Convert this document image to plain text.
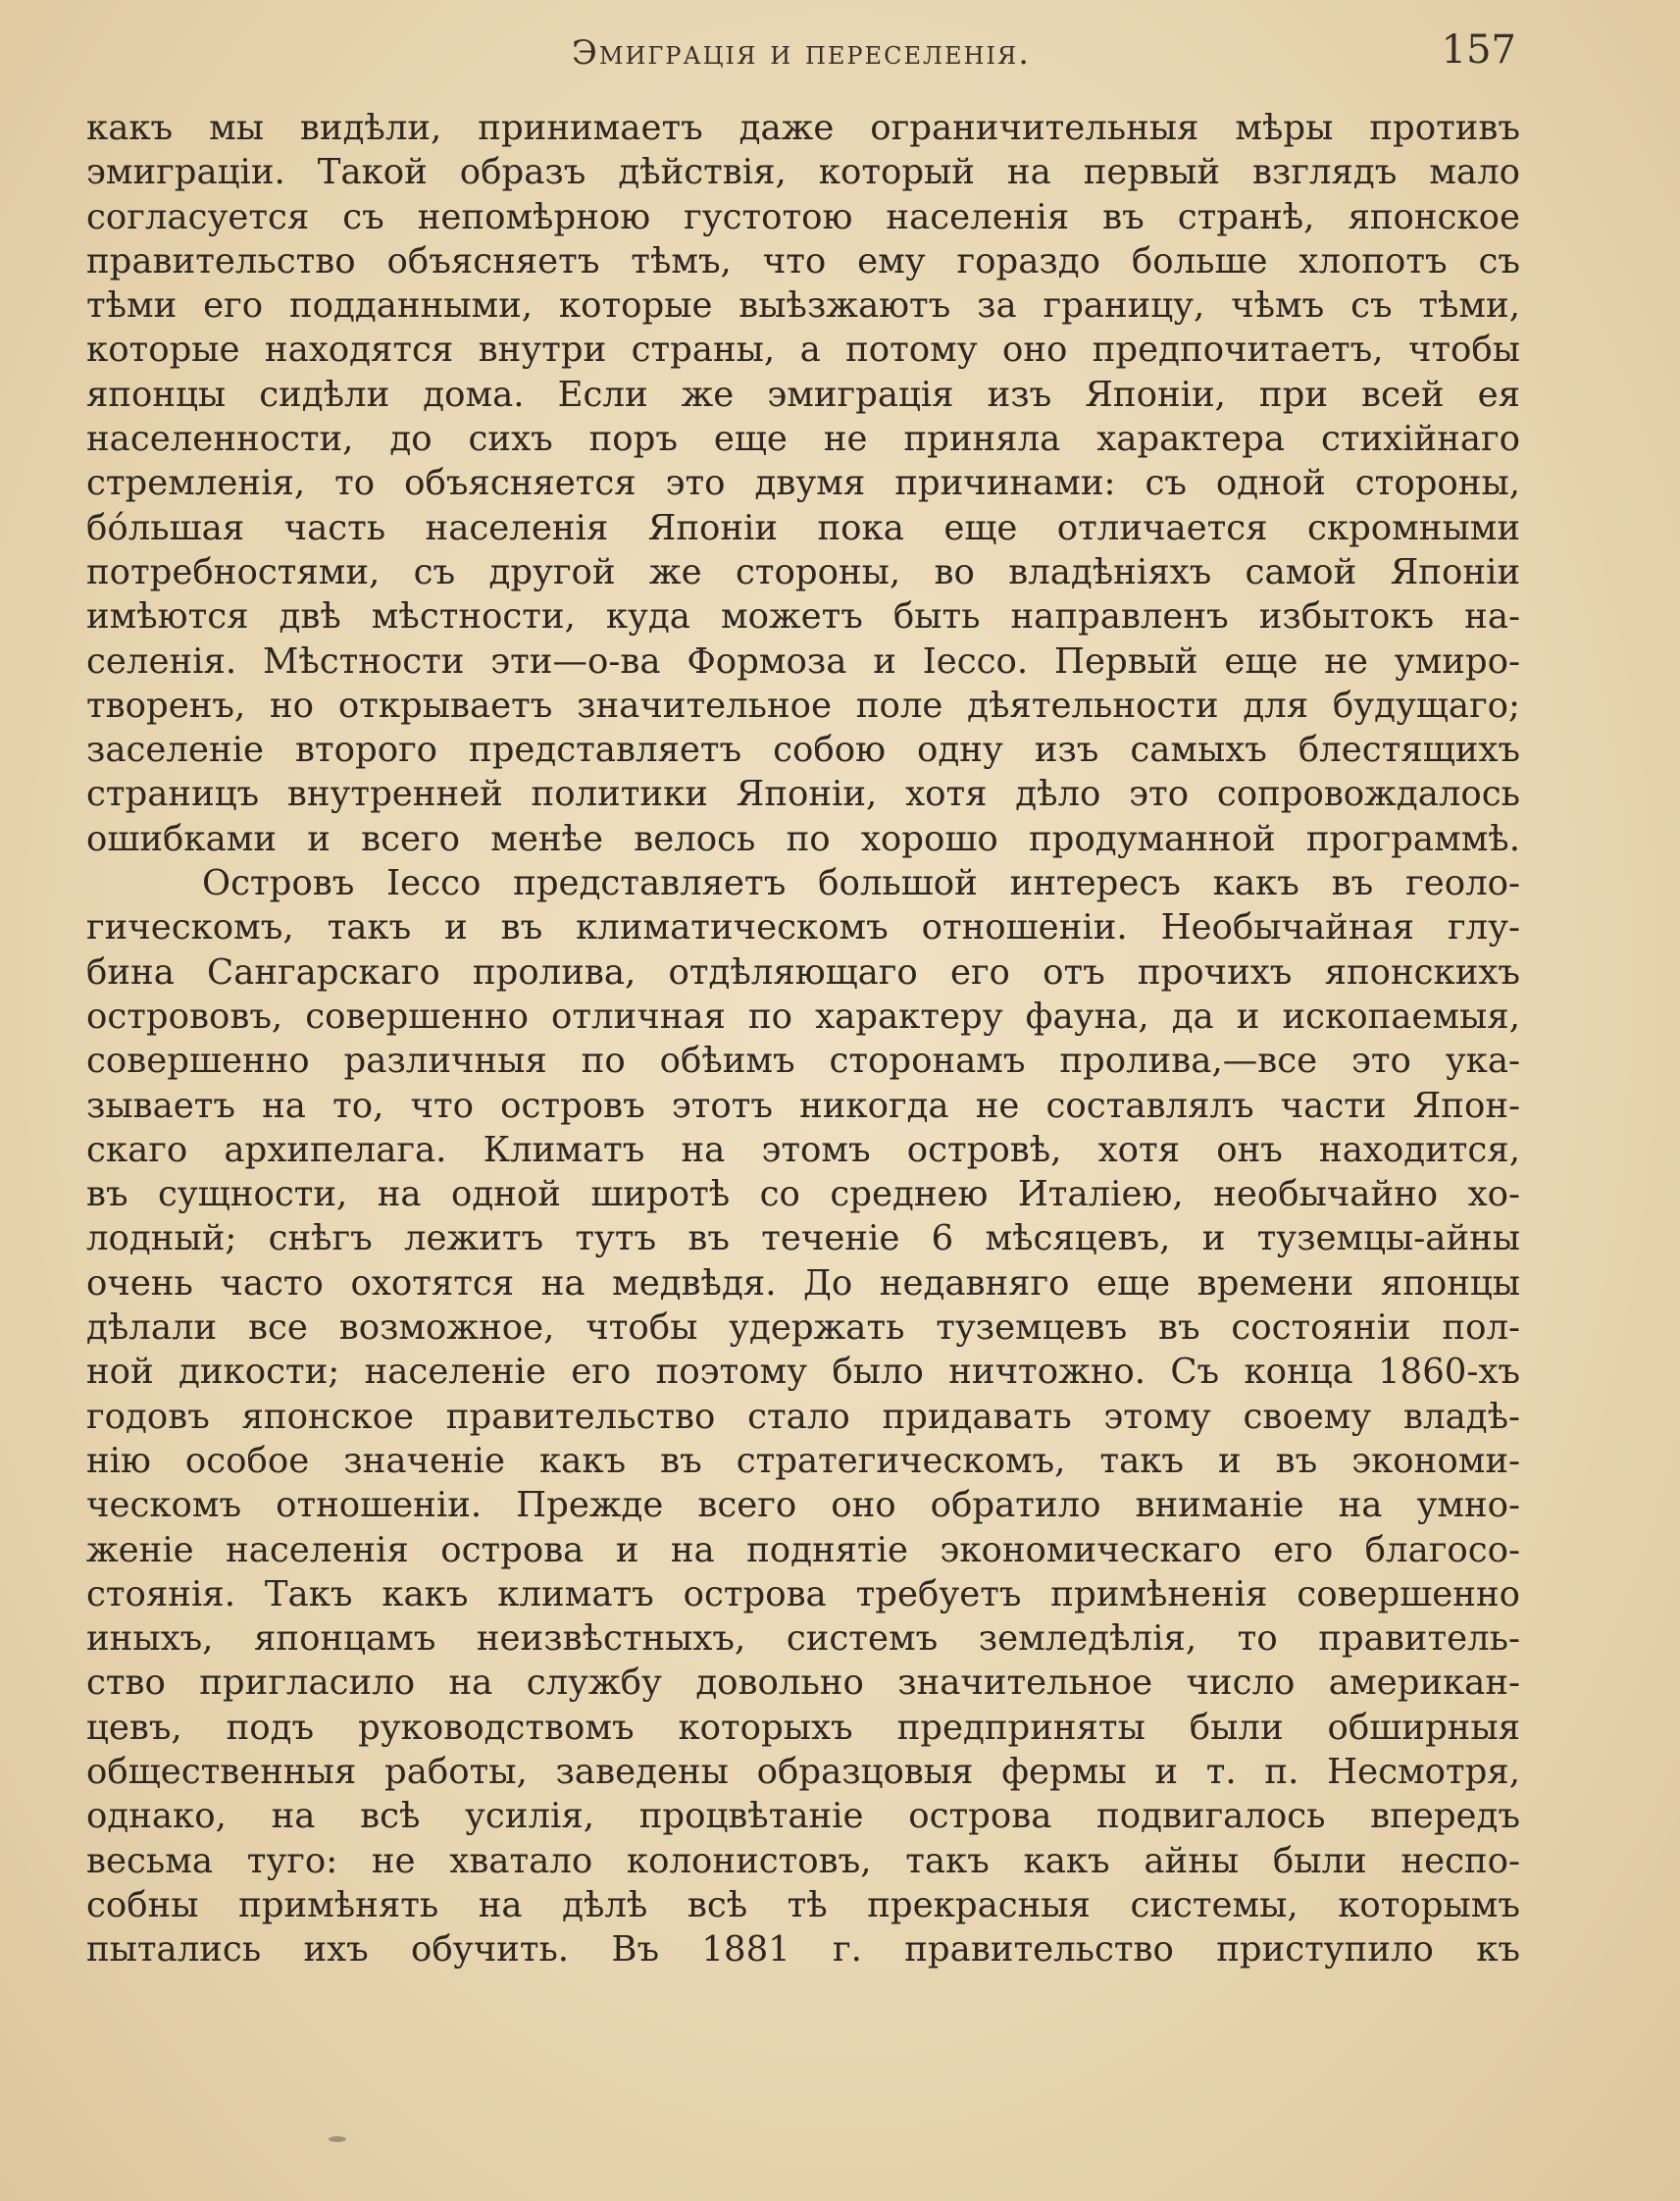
Эмиграція и переселенія.	157
какъ мы видѣли, принимаетъ даже ограничительныя мѣры противъ
эмиграціи. Такой образъ дѣйствія, который на первый взглядъ мало
согласуется съ непомѣрною густотою населенія въ странѣ, японское
правительство объясняетъ тѣмъ, что ему гораздо больше хлопотъ съ
тѣми его подданными, которые выѣзжаютъ за границу, чѣмъ съ тѣми,
которые находятся внутри страны, а потому оно предпочитаетъ, чтобы
японцы сидѣли дома. Если же эмиграція изъ Японіи, при всей ея
населенности, до сихъ поръ еще не приняла характера стихійнаго
стремленія, то объясняется это двумя причинами: съ одной стороны,
бо́льшая часть населенія Японіи пока еще отличается скромными
потребностями, съ другой же стороны, во владѣніяхъ самой Японіи
имѣются двѣ мѣстности, куда можетъ быть направленъ избытокъ на-
селенія. Мѣстности эти—о-ва Формоза и Іессо. Первый еще не умиро-
творенъ, но открываетъ значительное поле дѣятельности для будущаго;
заселеніе второго представляетъ собою одну изъ самыхъ блестящихъ
страницъ внутренней политики Японіи, хотя дѣло это сопровождалось
ошибками и всего менѣе велось по хорошо продуманной программѣ.
Островъ Іессо представляетъ большой интересъ какъ въ геоло-
гическомъ, такъ и въ климатическомъ отношеніи. Необычайная глу-
бина Сангарскаго пролива, отдѣляющаго его отъ прочихъ японскихъ
острововъ, совершенно отличная по характеру фауна, да и ископаемыя,
совершенно различныя по обѣимъ сторонамъ пролива,—все это ука-
зываетъ на то, что островъ этотъ никогда не составлялъ части Япон-
скаго архипелага. Климатъ на этомъ островѣ, хотя онъ находится,
въ сущности, на одной широтѣ со среднею Италіею, необычайно хо-
лодный; снѣгъ лежитъ тутъ въ теченіе 6 мѣсяцевъ, и туземцы-айны
очень часто охотятся на медвѣдя. До недавняго еще времени японцы
дѣлали все возможное, чтобы удержать туземцевъ въ состояніи пол-
ной дикости; населеніе его поэтому было ничтожно. Съ конца 1860-хъ
годовъ японское правительство стало придавать этому своему владѣ-
нію особое значеніе какъ въ стратегическомъ, такъ и въ экономи-
ческомъ отношеніи. Прежде всего оно обратило вниманіе на умно-
женіе населенія острова и на поднятіе экономическаго его благосо-
стоянія. Такъ какъ климатъ острова требуетъ примѣненія совершенно
иныхъ, японцамъ неизвѣстныхъ, системъ земледѣлія, то правитель-
ство пригласило на службу довольно значительное число американ-
цевъ, подъ руководствомъ которыхъ предприняты были обширныя
общественныя работы, заведены образцовыя фермы и т. п. Несмотря,
однако, на всѣ усилія, процвѣтаніе острова подвигалось впередъ
весьма туго: не хватало колонистовъ, такъ какъ айны были неспо-
собны примѣнять на дѣлѣ всѣ тѣ прекрасныя системы, которымъ
пытались ихъ обучить. Въ 1881 г. правительство приступило къ
